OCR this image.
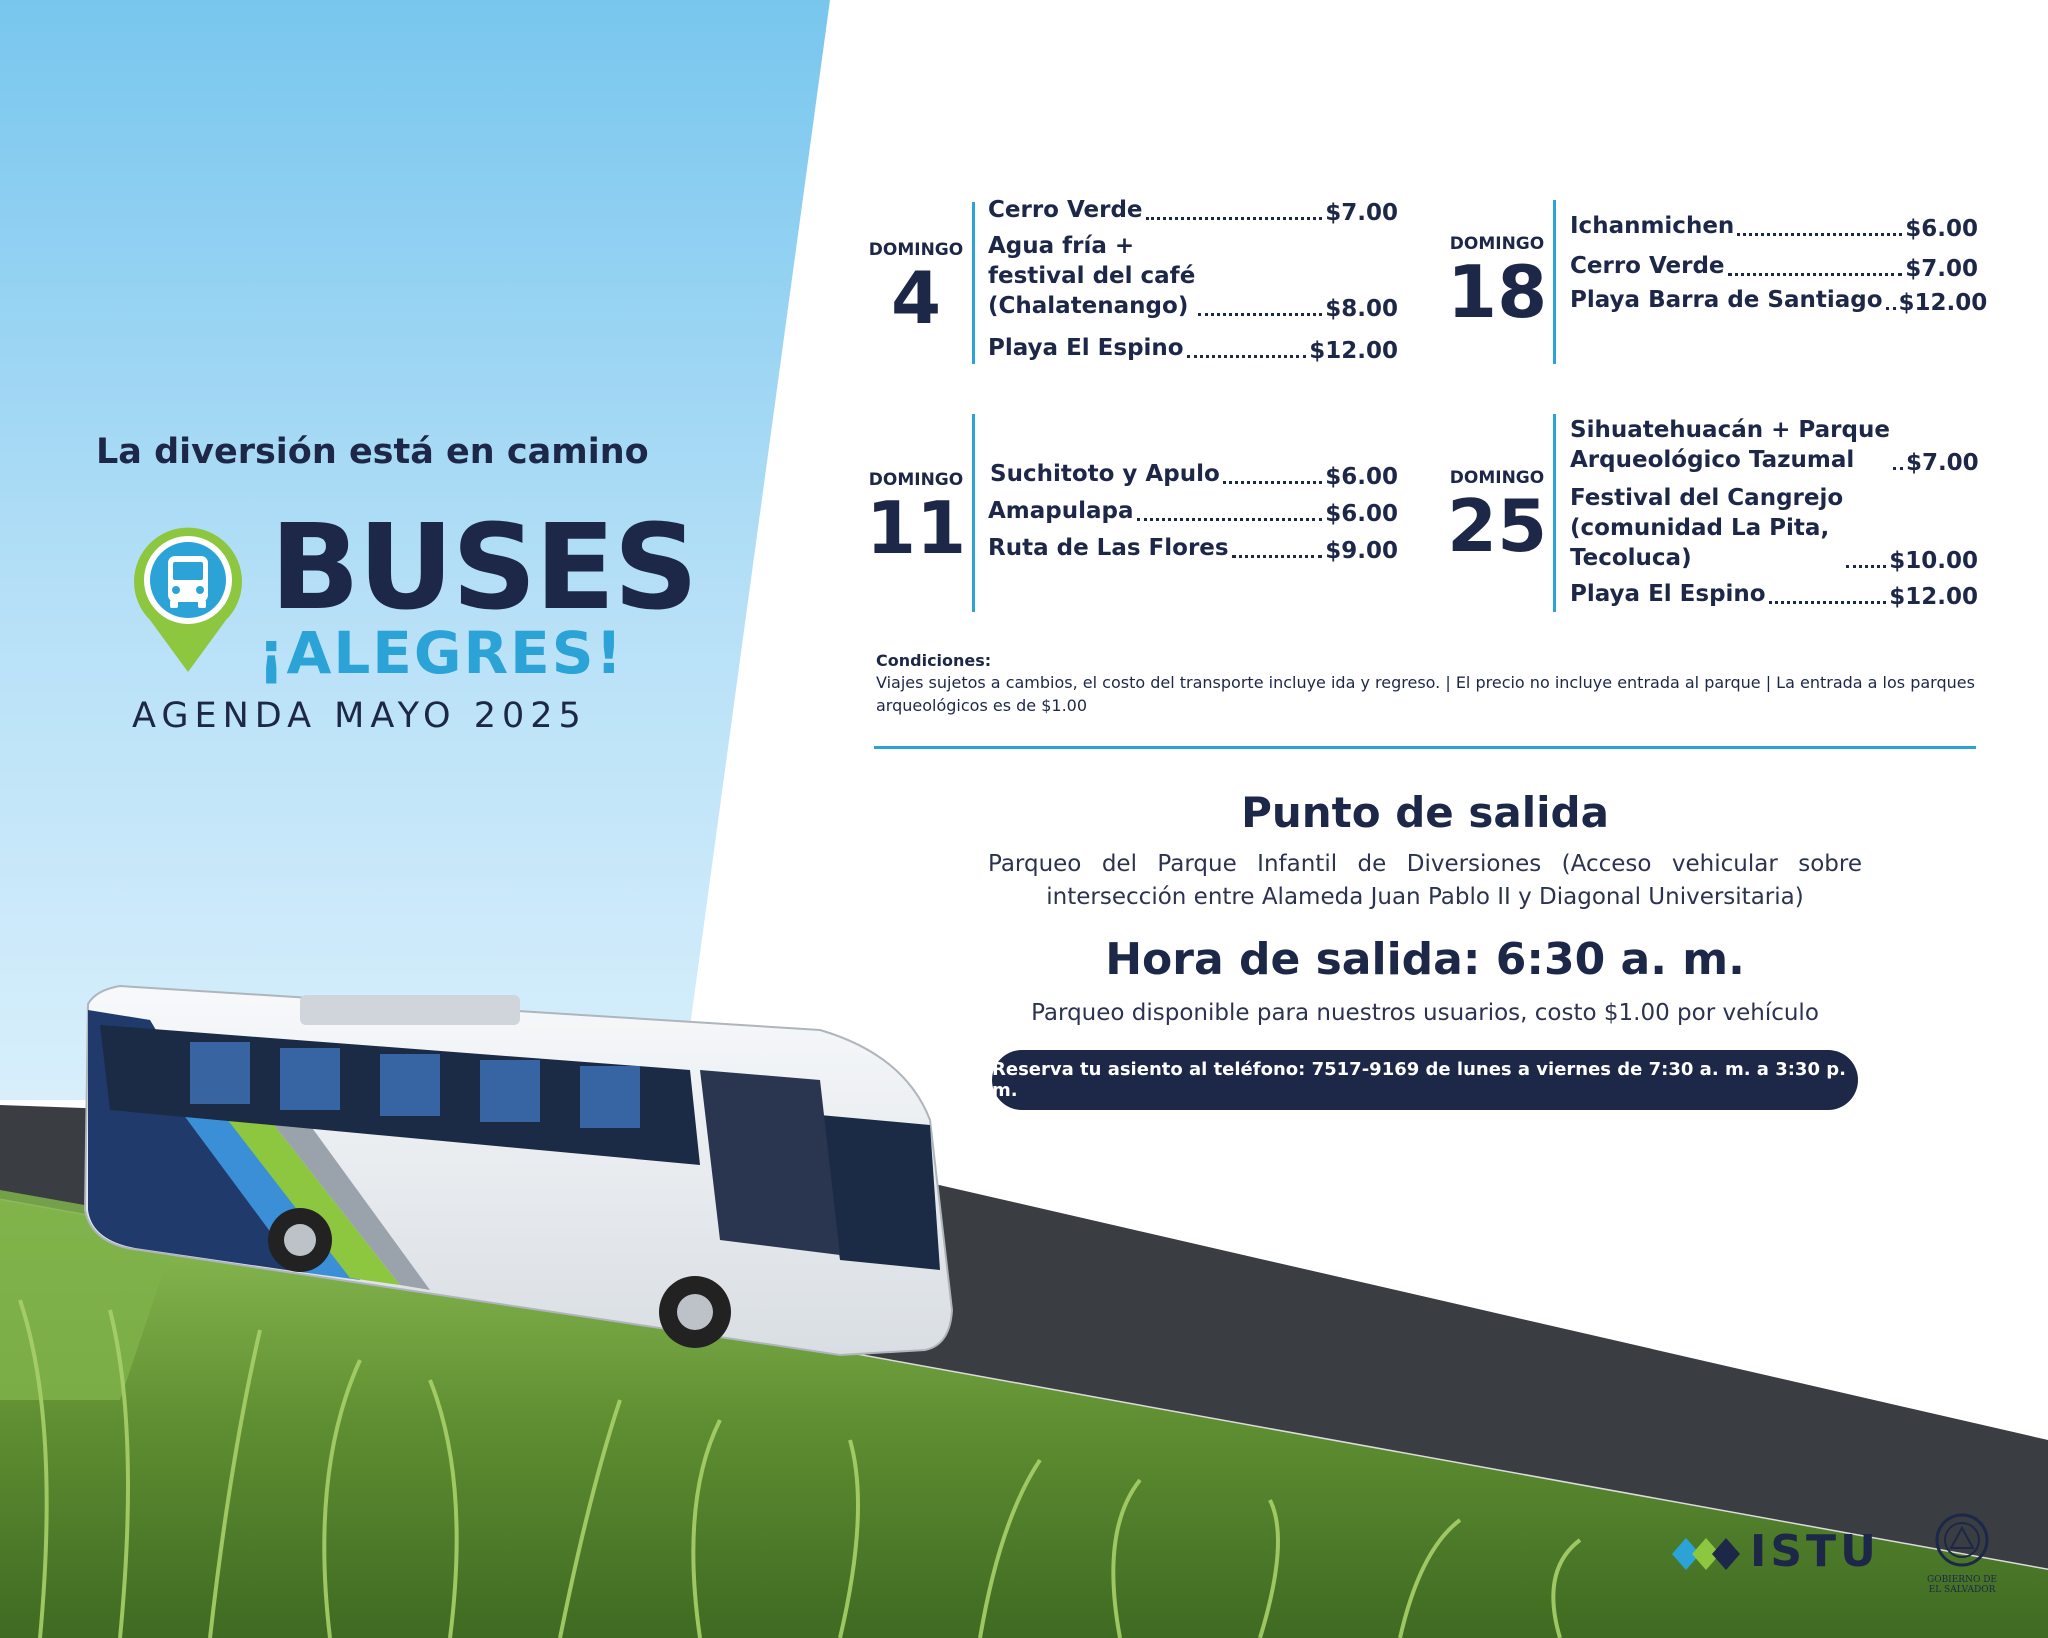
La diversión está en camino
BUSES
¡ALEGRES!
AGENDA MAYO 2025
DOMINGO
4
Cerro Verde	$7.00
Agua fría +
festival del café
(Chalatenango)	$8.00
Playa El Espino	$12.00
DOMINGO
11
Suchitoto y Apulo	$6.00
Amapulapa	$6.00
Ruta de Las Flores	$9.00
DOMINGO
18
Ichanmichen	$6.00
Cerro Verde	$7.00
Playa Barra de Santiago $12.00
DOMINGO
25
Sihuatehuacán + Parque
Arqueológico Tazumal	$7.00
Festival del Cangrejo
(comunidad La Pita,
Tecoluca)	$10.00
Playa El Espino	$12.00
Condiciones:
Viajes sujetos a cambios, el costo del transporte incluye ida y regreso. | El precio no incluye entrada al parque | La entrada a los parques arqueológicos es de $1.00
Punto de salida
Parqueo del Parque Infantil de Diversiones (Acceso vehicular sobre intersección entre Alameda Juan Pablo II y Diagonal Universitaria)
Hora de salida: 6:30 a. m.
Parqueo disponible para nuestros usuarios, costo $1.00 por vehículo
Reserva tu asiento al teléfono: 7517-9169 de lunes a viernes de 7:30 a. m. a 3:30 p. m.
ISTU
GOBIERNO DE
EL SALVADOR
